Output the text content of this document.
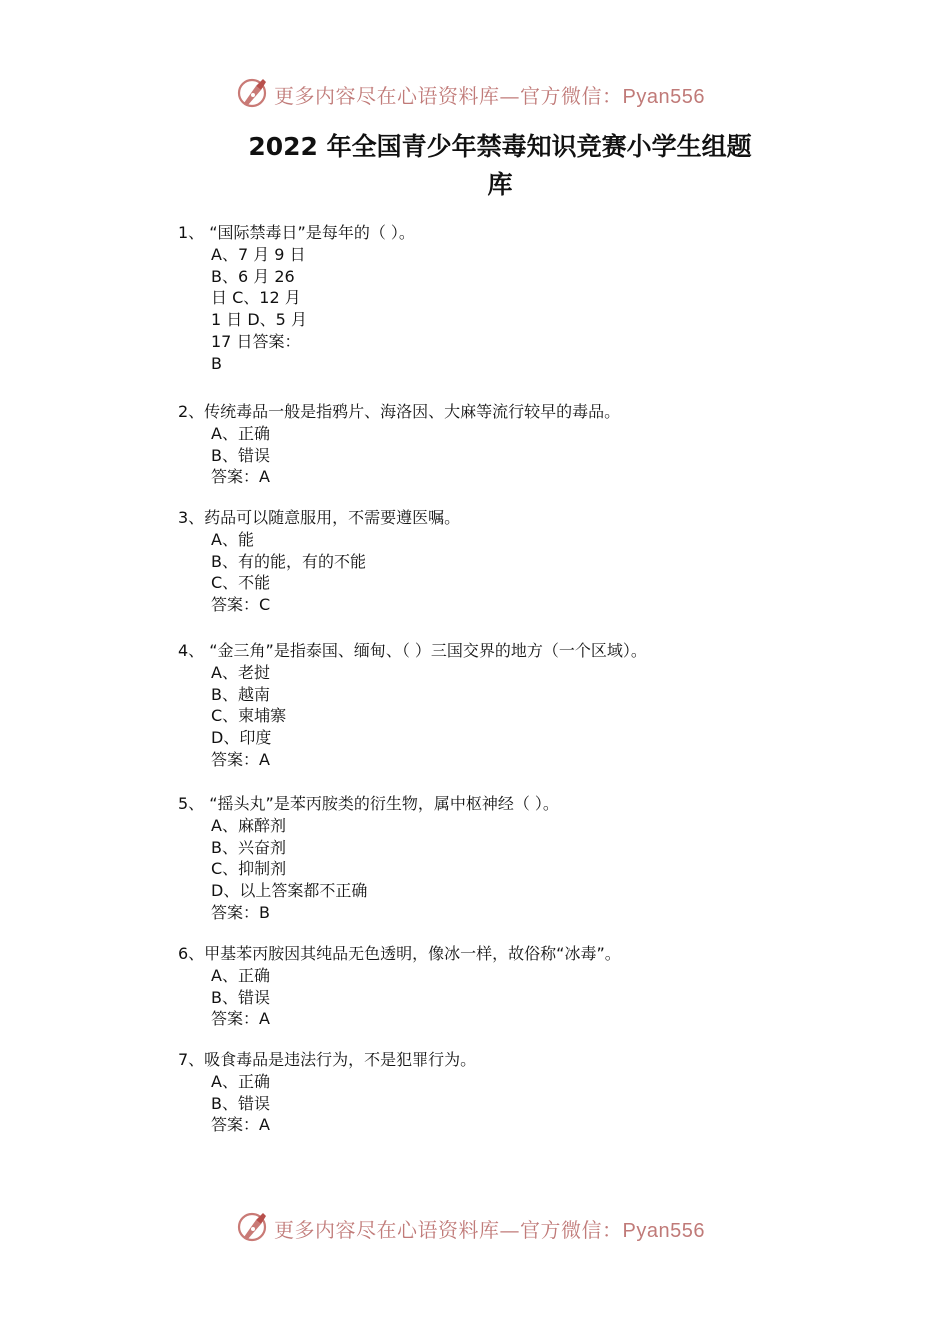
更多内容尽在心语资料库—官方微信：Pyan556
2022 年全国青少年禁毒知识竞赛小学生组题
库
1、 “国际禁毒日”是每年的（ ）。
A、7 月 9 日
B、6 月 26
日 C、12 月
1 日 D、5 月
17 日答案：
B
2、传统毒品一般是指鸦片、海洛因、大麻等流行较早的毒品。
A、正确
B、错误
答案：A
3、药品可以随意服用，不需要遵医嘱。
A、能
B、有的能，有的不能
C、不能
答案：C
4、 “金三角”是指泰国、缅甸、（ ）三国交界的地方（一个区域）。
A、老挝
B、越南
C、柬埔寨
D、印度
答案：A
5、 “摇头丸”是苯丙胺类的衍生物，属中枢神经（ ）。
A、麻醉剂
B、兴奋剂
C、抑制剂
D、以上答案都不正确
答案：B
6、甲基苯丙胺因其纯品无色透明，像冰一样，故俗称“冰毒”。
A、正确
B、错误
答案：A
7、吸食毒品是违法行为，不是犯罪行为。
A、正确
B、错误
答案：A
更多内容尽在心语资料库—官方微信：Pyan556
